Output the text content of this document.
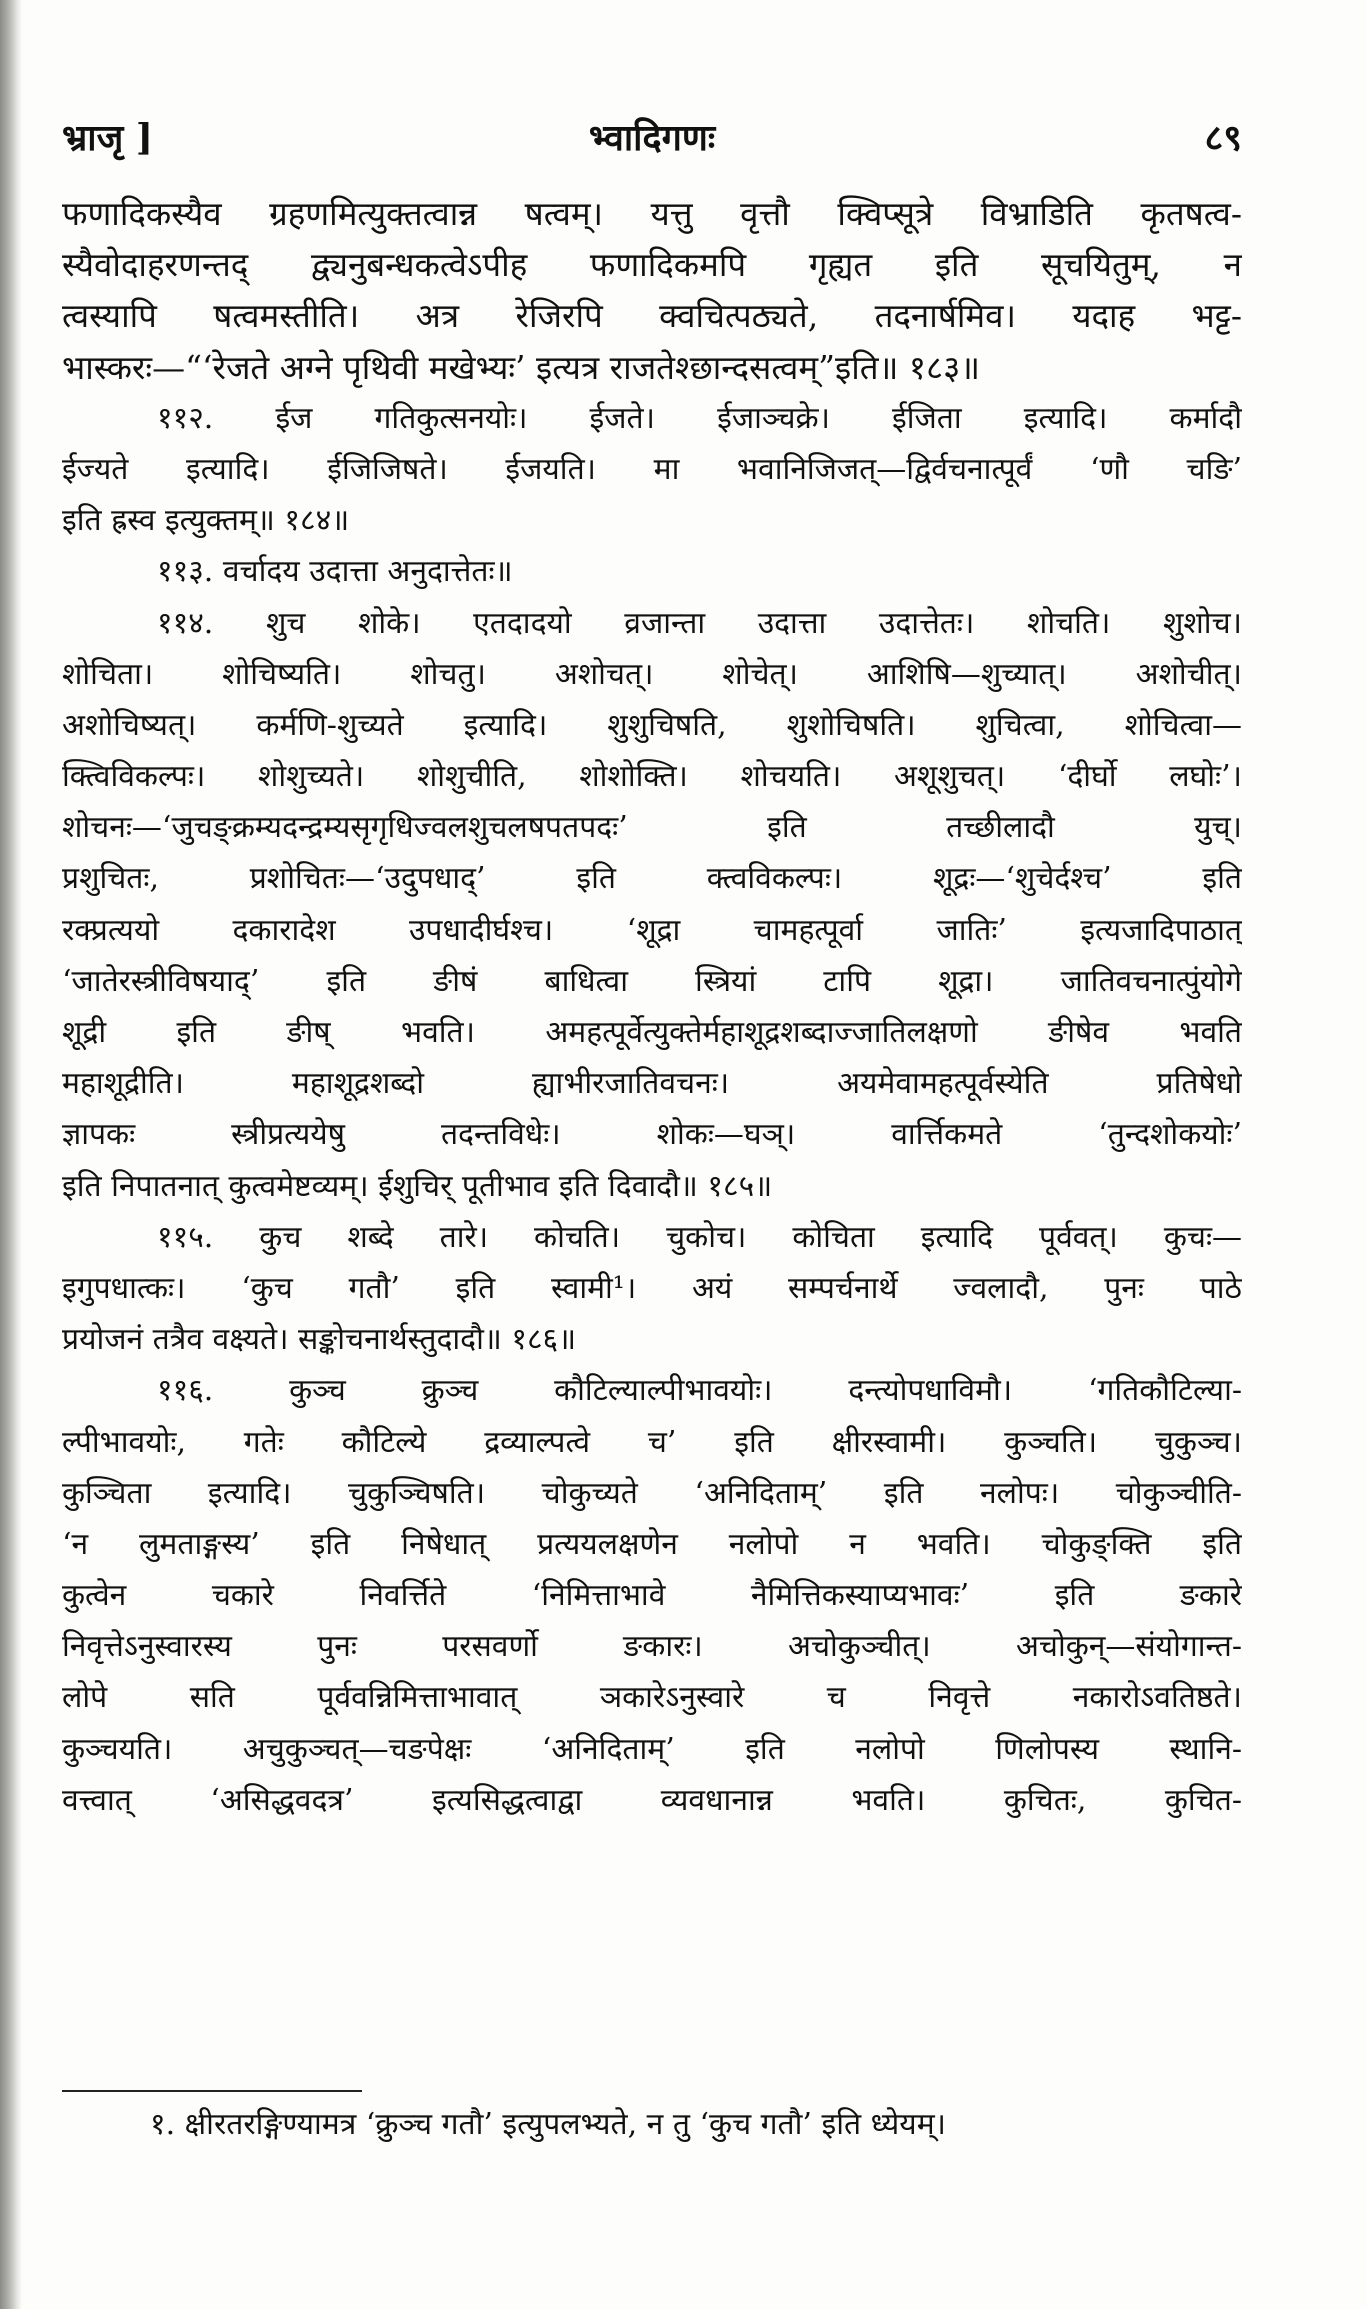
भ्राजृ ]	भ्वादिगणः	८९
फणादिकस्यैव ग्रहणमित्युक्तत्वान्न षत्वम्। यत्तु वृत्तौ क्विप्सूत्रे विभ्राडिति कृतषत्व-
स्यैवोदाहरणन्तद् द्व्यनुबन्धकत्वेऽपीह फणादिकमपि गृह्यत इति सूचयितुम्, न
त्वस्यापि षत्वमस्तीति। अत्र रेजिरपि क्वचित्पठ्यते, तदनार्षमिव। यदाह भट्ट-
भास्करः—“‘रेजते अग्ने पृथिवी मखेभ्यः’ इत्यत्र राजतेश्छान्दसत्वम्”इति॥ १८३॥
११२. ईज गतिकुत्सनयोः। ईजते। ईजाञ्चक्रे। ईजिता इत्यादि। कर्मादौ
ईज्यते इत्यादि। ईजिजिषते। ईजयति। मा भवानिजिजत्—द्विर्वचनात्पूर्वं ‘णौ चङि’
इति ह्रस्व इत्युक्तम्॥ १८४॥
११३. वर्चादय उदात्ता अनुदात्तेतः॥
११४. शुच शोके। एतदादयो व्रजान्ता उदात्ता उदात्तेतः। शोचति। शुशोच।
शोचिता। शोचिष्यति। शोचतु। अशोचत्। शोचेत्। आशिषि—शुच्यात्। अशोचीत्।
अशोचिष्यत्। कर्मणि-शुच्यते इत्यादि। शुशुचिषति, शुशोचिषति। शुचित्वा, शोचित्वा—
क्त्विविकल्पः। शोशुच्यते। शोशुचीति, शोशोक्ति। शोचयति। अशूशुचत्। ‘दीर्घो लघोः’।
शोचनः—‘जुचङ्क्रम्यदन्द्रम्यसृगृधिज्वलशुचलषपतपदः’ इति तच्छीलादौ युच्।
प्रशुचितः, प्रशोचितः—‘उदुपधाद्’ इति क्त्वविकल्पः। शूद्रः—‘शुचेर्दश्च’ इति
रक्प्रत्ययो दकारादेश उपधादीर्घश्च। ‘शूद्रा चामहत्पूर्वा जातिः’ इत्यजादिपाठात्
‘जातेरस्त्रीविषयाद्’ इति ङीषं बाधित्वा स्त्रियां टापि शूद्रा। जातिवचनात्पुंयोगे
शूद्री इति ङीष् भवति। अमहत्पूर्वेत्युक्तेर्महाशूद्रशब्दाज्जातिलक्षणो ङीषेव भवति
महाशूद्रीति। महाशूद्रशब्दो ह्याभीरजातिवचनः। अयमेवामहत्पूर्वस्येति प्रतिषेधो
ज्ञापकः स्त्रीप्रत्ययेषु तदन्तविधेः। शोकः—घञ्। वार्त्तिकमते ‘तुन्दशोकयोः’
इति निपातनात् कुत्वमेष्टव्यम्। ईशुचिर् पूतीभाव इति दिवादौ॥ १८५॥
११५. कुच शब्दे तारे। कोचति। चुकोच। कोचिता इत्यादि पूर्ववत्। कुचः—
इगुपधात्कः। ‘कुच गतौ’ इति स्वामी¹। अयं सम्पर्चनार्थे ज्वलादौ, पुनः पाठे
प्रयोजनं तत्रैव वक्ष्यते। सङ्कोचनार्थस्तुदादौ॥ १८६॥
११६. कुञ्च क्रुञ्च कौटिल्याल्पीभावयोः। दन्त्योपधाविमौ। ‘गतिकौटिल्या-
ल्पीभावयोः, गतेः कौटिल्ये द्रव्याल्पत्वे च’ इति क्षीरस्वामी। कुञ्चति। चुकुञ्च।
कुञ्चिता इत्यादि। चुकुञ्चिषति। चोकुच्यते ‘अनिदिताम्’ इति नलोपः। चोकुञ्चीति-
‘न लुमताङ्गस्य’ इति निषेधात् प्रत्ययलक्षणेन नलोपो न भवति। चोकुङ्क्ति इति
कुत्वेन चकारे निवर्त्तिते ‘निमित्ताभावे नैमित्तिकस्याप्यभावः’ इति ङकारे
निवृत्तेऽनुस्वारस्य पुनः परसवर्णो ङकारः। अचोकुञ्चीत्। अचोकुन्—संयोगान्त-
लोपे सति पूर्ववन्निमित्ताभावात् ञकारेऽनुस्वारे च निवृत्ते नकारोऽवतिष्ठते।
कुञ्चयति। अचुकुञ्चत्—चङपेक्षः ‘अनिदिताम्’ इति नलोपो णिलोपस्य स्थानि-
वत्त्वात् ‘असिद्धवदत्र’ इत्यसिद्धत्वाद्वा व्यवधानान्न भवति। कुचितः, कुचित-
१. क्षीरतरङ्गिण्यामत्र ‘क्रुञ्च गतौ’ इत्युपलभ्यते, न तु ‘कुच गतौ’ इति ध्येयम्।
